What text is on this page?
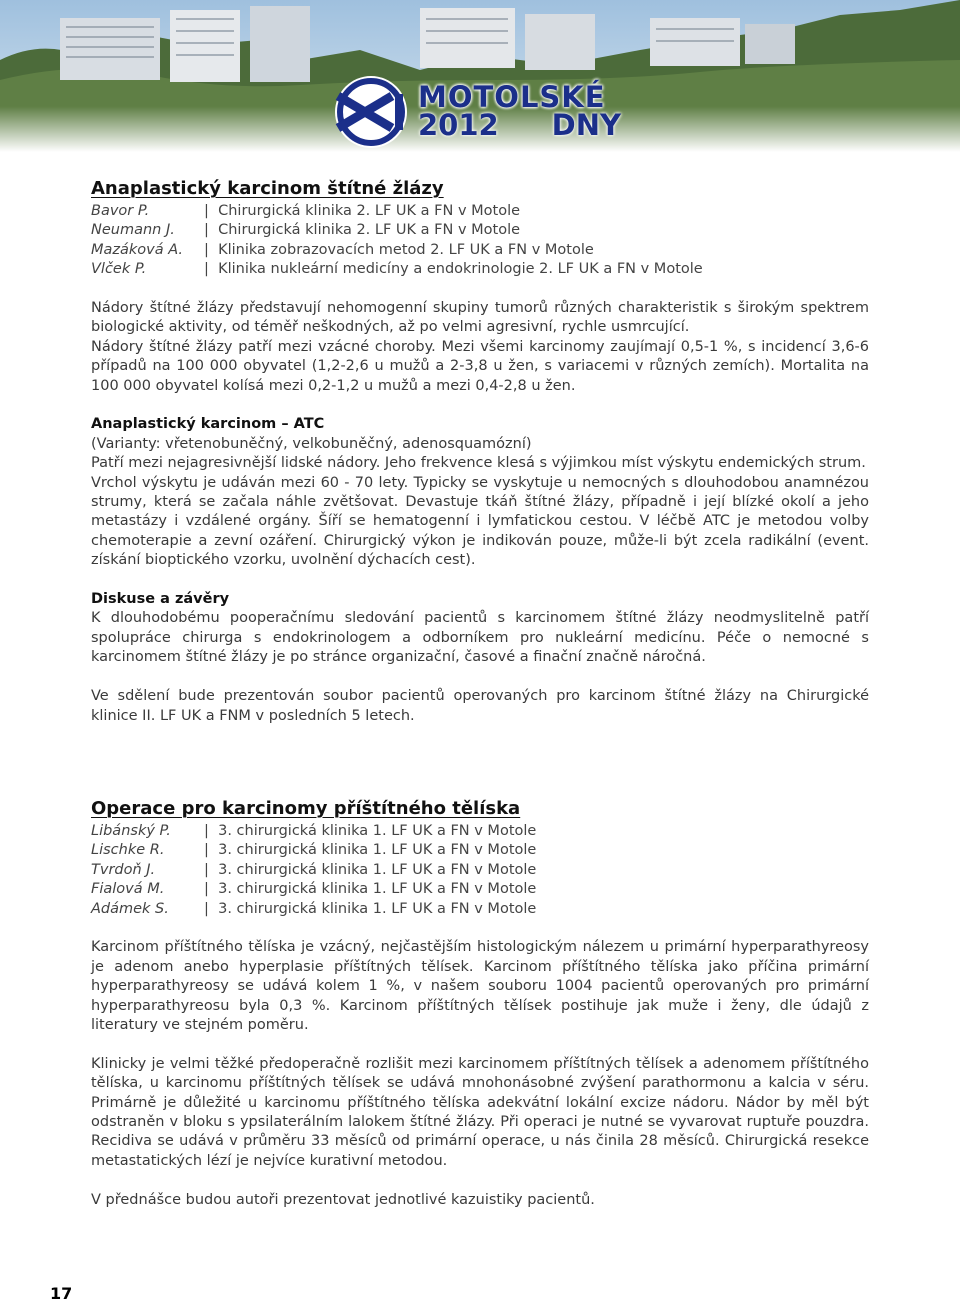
MOTOLSKÉ
2012 DNY
Anaplastický karcinom štítné žlázy
Bavor P.	|  Chirurgická klinika 2. LF UK a FN v Motole
Neumann J.	|  Chirurgická klinika 2. LF UK a FN v Motole
Mazáková A.	|  Klinika zobrazovacích metod 2. LF UK a FN v Motole
Vlček P.	|  Klinika nukleární medicíny a endokrinologie 2. LF UK a FN v Motole

Nádory štítné žlázy představují nehomogenní skupiny tumorů různých charakteristik s širokým spektrem biologické aktivity, od téměř neškodných, až po velmi agresivní, rychle usmrcující.

Nádory štítné žlázy patří mezi vzácné choroby. Mezi všemi karcinomy zaujímají 0,5-1 %, s incidencí 3,6-6 případů na 100 000 obyvatel (1,2-2,6 u mužů a 2-3,8 u žen, s variacemi v různých zemích). Mortalita na 100 000 obyvatel kolísá mezi 0,2-1,2 u mužů a mezi 0,4-2,8 u žen.

Anaplastický karcinom – ATC

(Varianty: vřetenobuněčný, velkobuněčný, adenosquamózní)

Patří mezi nejagresivnější lidské nádory. Jeho frekvence klesá s výjimkou míst výskytu endemických strum.

Vrchol výskytu je udáván mezi 60 - 70 lety. Typicky se vyskytuje u nemocných s dlouhodobou anamnézou strumy, která se začala náhle zvětšovat. Devastuje tkáň štítné žlázy, případně i její blízké okolí a jeho metastázy i vzdálené orgány. Šíří se hematogenní i lymfatickou cestou. V léčbě ATC je metodou volby chemoterapie a zevní ozáření. Chirurgický výkon je indikován pouze, může-li být zcela radikální (event. získání bioptického vzorku, uvolnění dýchacích cest).

Diskuse a závěry

K dlouhodobému pooperačnímu sledování pacientů s karcinomem štítné žlázy neodmyslitelně patří spolupráce chirurga s endokrinologem a odborníkem pro nukleární medicínu. Péče o nemocné s karcinomem štítné žlázy je po stránce organizační, časové a finační značně náročná.

Ve sdělení bude prezentován soubor pacientů operovaných pro karcinom štítné žlázy na Chirurgické klinice II. LF UK a FNM v posledních 5 letech.

Operace pro karcinomy příštítného tělíska
Libánský P.	|  3. chirurgická klinika 1. LF UK a FN v Motole
Lischke R.	|  3. chirurgická klinika 1. LF UK a FN v Motole
Tvrdoň J.	|  3. chirurgická klinika 1. LF UK a FN v Motole
Fialová M.	|  3. chirurgická klinika 1. LF UK a FN v Motole
Adámek S.	|  3. chirurgická klinika 1. LF UK a FN v Motole

Karcinom příštítného tělíska je vzácný, nejčastějším histologickým nálezem u primární hyperparathyreosy je adenom anebo hyperplasie příštítných tělísek. Karcinom příštítného tělíska jako příčina primární hyperparathyreosy se udává kolem 1 %, v našem souboru 1004 pacientů operovaných pro primární hyperparathyreosu byla 0,3 %. Karcinom příštítných tělísek postihuje jak muže i ženy, dle údajů z literatury ve stejném poměru.

Klinicky je velmi těžké předoperačně rozlišit mezi karcinomem příštítných tělísek a adenomem příštítného tělíska, u karcinomu příštítných tělísek se udává mnohonásobné zvýšení parathormonu a kalcia v séru. Primárně je důležité u karcinomu příštítného tělíska adekvátní lokální excize nádoru. Nádor by měl být odstraněn v bloku s ypsilaterálním lalokem štítné žlázy. Při operaci je nutné se vyvarovat ruptuře pouzdra. Recidiva se udává v průměru 33 měsíců od primární operace, u nás činila 28 měsíců. Chirurgická resekce metastatických lézí je nejvíce kurativní metodou.

V přednášce budou autoři prezentovat jednotlivé kazuistiky pacientů.

17
